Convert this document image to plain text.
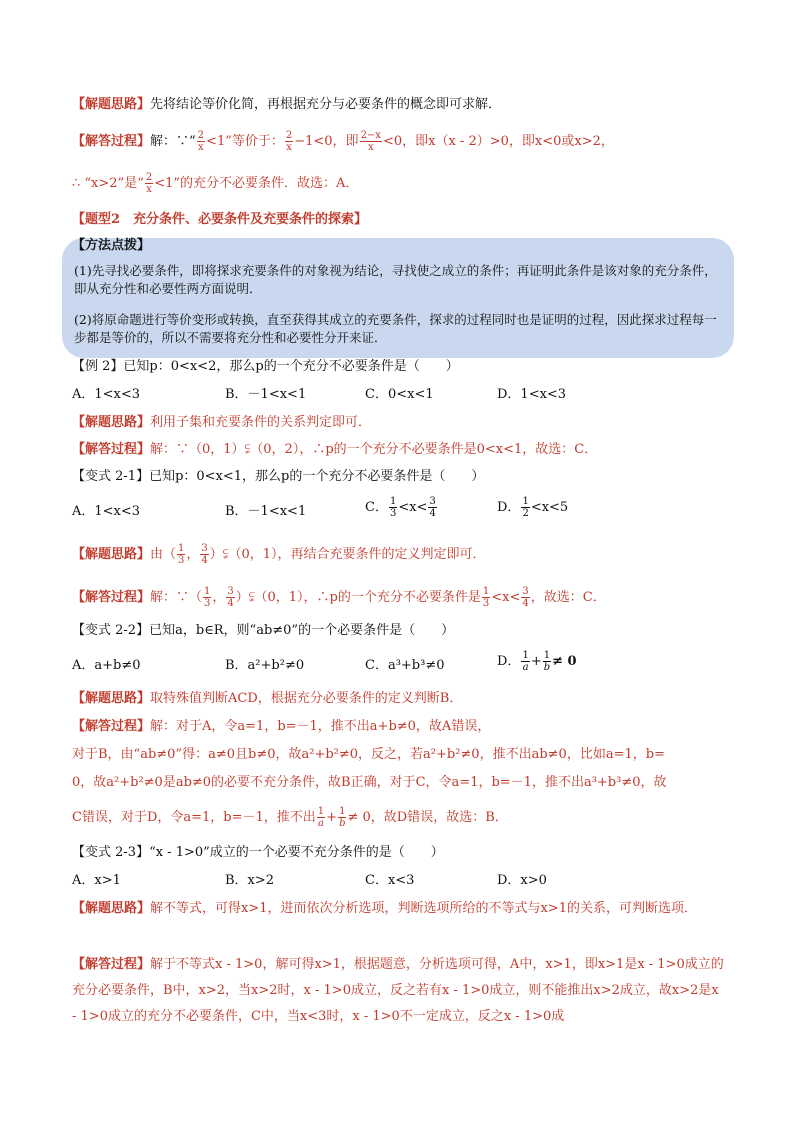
【解题思路】先将结论等价化简，再根据充分与必要条件的概念即可求解．
【解答过程】解：∵“ $\frac{2}{x} <1$”等价于： $\frac{2}{x} -1<0$，即 $\frac{2-x}{x} <0$，即x（x - 2）>0，即x<0或x>2，
∴ “x>2”是“ $\frac{2}{x} <1$”的充分不必要条件．故选：A．
【题型2　充分条件、必要条件及充要条件的探索】
【方法点拨】
(1)先寻找必要条件，即将探求充要条件的对象视为结论，寻找使之成立的条件；再证明此条件是该对象的充分条件，即从充分性和必要性两方面说明．
(2)将原命题进行等价变形或转换，直至获得其成立的充要条件，探求的过程同时也是证明的过程，因此探求过程每一步都是等价的，所以不需要将充分性和必要性分开来证．
【例 2】已知p：0<x<2，那么p的一个充分不必要条件是（　　）
A．1<x<3	B．－1<x<1	C．0<x<1	D．1<x<3
【解题思路】利用子集和充要条件的关系判定即可．
【解答过程】解：∵（0，1）⫋（0，2），∴p的一个充分不必要条件是0<x<1，故选：C．
【变式 2-1】已知p：0<x<1，那么p的一个充分不必要条件是（　　）
A．1<x<3	B．－1<x<1	C． $\frac{1}{3} <x< \frac{3}{4}$	D． $\frac{1}{2} <x<5$
【解题思路】由（ $\frac{1}{3}$ ， $\frac{3}{4}$ ）⫋（0，1），再结合充要条件的定义判定即可．
【解答过程】解：∵（ $\frac{1}{3}$ ， $\frac{3}{4}$ ）⫋（0，1），∴p的一个充分不必要条件是 $\frac{1}{3} <x< \frac{3}{4}$ ，故选：C．
【变式 2-2】已知a，b∈R，则“ab≠0”的一个必要条件是（　　）
A．a+b≠0	B．a²+b²≠0	C．a³+b³≠0	D． $\frac{1}{a} + \frac{1}{b} \ne 0$
【解题思路】取特殊值判断ACD，根据充分必要条件的定义判断B．
【解答过程】解：对于A，令a=1，b=－1，推不出a+b≠0，故A错误，
对于B，由“ab≠0”得：a≠0且b≠0，故a²+b²≠0，反之，若a²+b²≠0，推不出ab≠0，比如a=1，b=
0，故a²+b²≠0是ab≠0的必要不充分条件，故B正确，对于C，令a=1，b=－1，推不出a³+b³≠0，故
C错误，对于D，令a=1，b=－1，推不出 $\frac{1}{a} + \frac{1}{b} \ne 0$，故D错误，故选：B．
【变式 2-3】“x - 1>0”成立的一个必要不充分条件的是（　　）
A．x>1	B．x>2	C．x<3	D．x>0
【解题思路】解不等式，可得x>1，进而依次分析选项，判断选项所给的不等式与x>1的关系，可判断选项．
【解答过程】解于不等式x - 1>0，解可得x>1，根据题意，分析选项可得，A中，x>1，即x>1是x - 1>0成立的充分必要条件，B中，x>2，当x>2时，x - 1>0成立，反之若有x - 1>0成立，则不能推出x>2成立，故x>2是x - 1>0成立的充分不必要条件，C中，当x<3时，x - 1>0不一定成立，反之x - 1>0成
